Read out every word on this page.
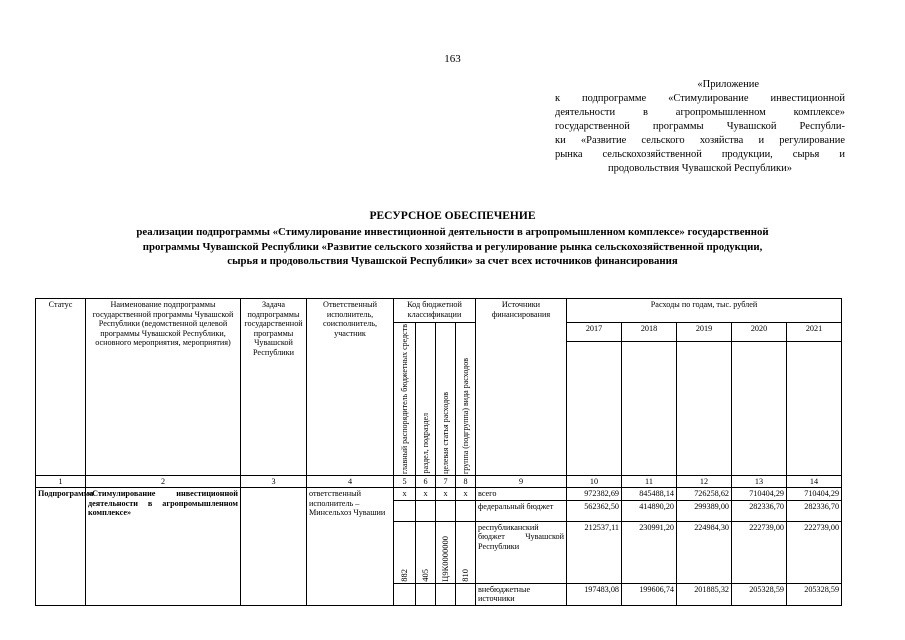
163
«Приложение
к подпрограмме «Стимулирование инвестиционной
деятельности в агропромышленном комплексе»
государственной программы Чувашской Республи-
ки «Развитие сельского хозяйства и регулирование
рынка сельскохозяйственной продукции, сырья и
продовольствия Чувашской Республики»
РЕСУРСНОЕ ОБЕСПЕЧЕНИЕ
реализации подпрограммы «Стимулирование инвестиционной деятельности в агропромышленном комплексе» государственной
программы Чувашской Республики «Развитие сельского хозяйства и регулирование рынка сельскохозяйственной продукции,
сырья и продовольствия Чувашской Республики» за счет всех источников финансирования
Статус	Наименование подпрограммы государственной программы Чувашской Республики (ведомственной целевой программы Чувашской Республики, основного мероприятия, мероприятия)	Задача подпрограммы государственной программы Чувашской Республики	Ответственный исполнитель, соисполнитель, участник	Код бюджетной классификации				Источники финансирования	Расходы по годам, тыс. рублей				

				главный распорядитель бюджетных средств	раздел, подраздел	целевая статья расходов	группа (подгруппа) вида расходов		2017	2018	2019	2020	2021

1	2	3	4	5	6	7	8	9	10	11	12	13	14
Подпрограмма	«Стимулирование инвестиционной деятельности в агропромышленном комплексе»		ответственный исполнитель – Минсельхоз Чувашии	x	x	x	x	всего	972382,69	845488,14	726258,62	710404,29	710404,29
								федеральный бюджет	562362,50	414890,20	299389,00	282336,70	282336,70

				882	405	Ц9К0000000	810	республиканский бюджет Чувашской Республики	212537,11	230991,20	224984,30	222739,00	222739,00
								внебюджетные источники	197483,08	199606,74	201885,32	205328,59	205328,59
